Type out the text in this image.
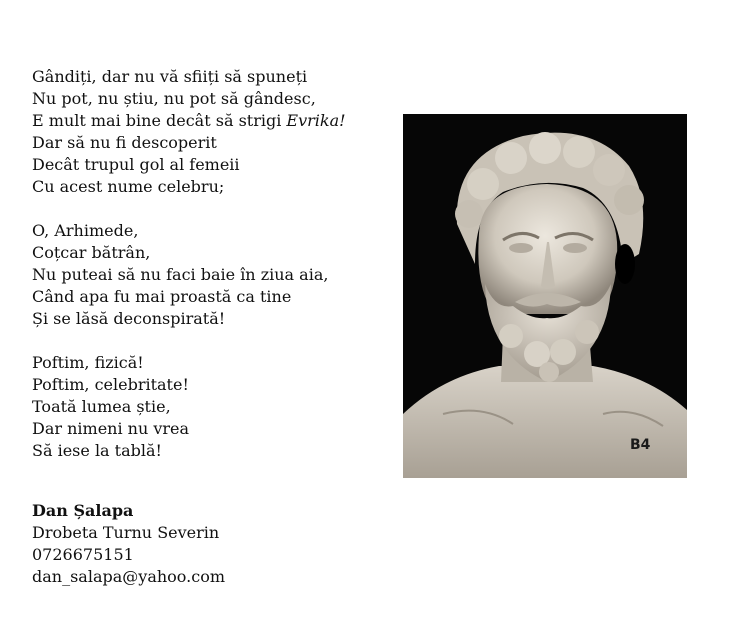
Gândiți, dar nu vă sfiiți să spuneți
Nu pot, nu știu, nu pot să gândesc,
E mult mai bine decât să strigi Evrika!
Dar să nu fi descoperit
Decât trupul gol al femeii
Cu acest nume celebru;
O, Arhimede,
Coțcar bătrân,
Nu puteai să nu faci baie în ziua aia,
Când apa fu mai proastă ca tine
Și se lăsă deconspirată!
Poftim, fizică!
Poftim, celebritate!
Toată lumea știe,
Dar nimeni nu vrea
Să iese la tablă!
Dan Șalapa
Drobeta Turnu Severin
0726675151
dan_salapa@yahoo.com
B4
